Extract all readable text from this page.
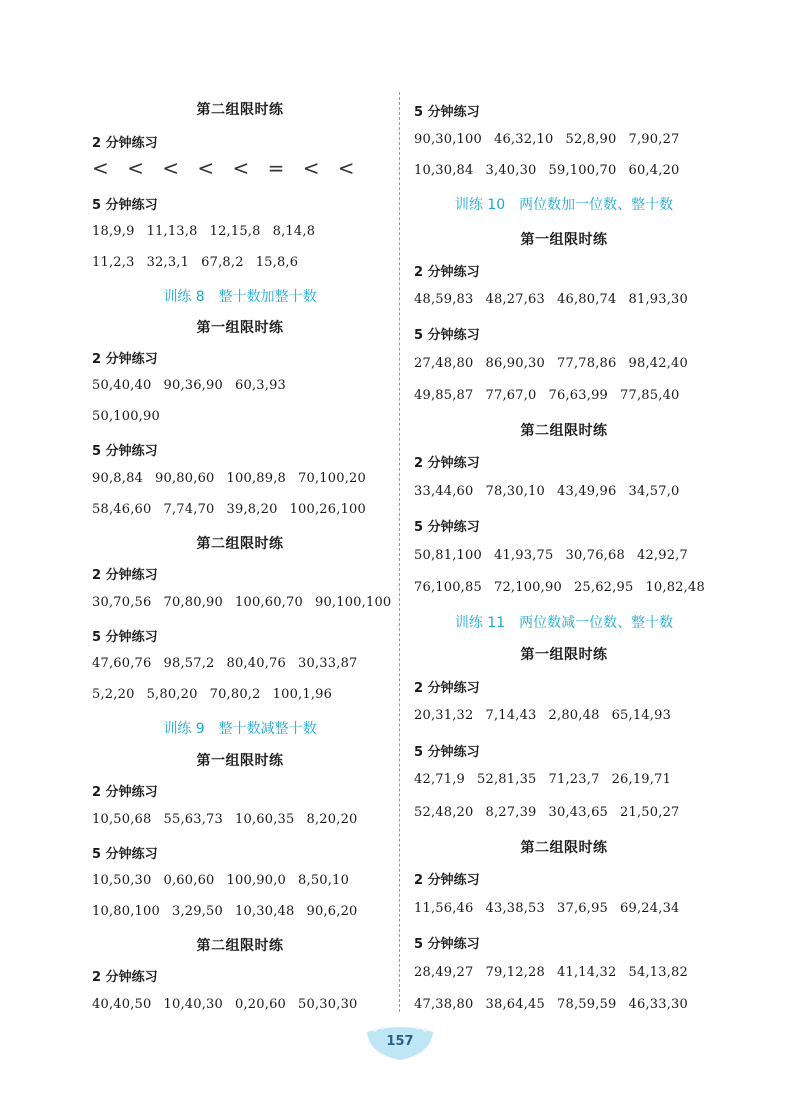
第二组限时练
2 分钟练习
< < < < < = < <
5 分钟练习
18,9,9 11,13,8 12,15,8 8,14,8
11,2,3 32,3,1 67,8,2 15,8,6
训练 8 整十数加整十数
第一组限时练
2 分钟练习
50,40,40 90,36,90 60,3,93
50,100,90
5 分钟练习
90,8,84 90,80,60 100,89,8 70,100,20
58,46,60 7,74,70 39,8,20 100,26,100
第二组限时练
2 分钟练习
30,70,56 70,80,90 100,60,70 90,100,100
5 分钟练习
47,60,76 98,57,2 80,40,76 30,33,87
5,2,20 5,80,20 70,80,2 100,1,96
训练 9 整十数减整十数
第一组限时练
2 分钟练习
10,50,68 55,63,73 10,60,35 8,20,20
5 分钟练习
10,50,30 0,60,60 100,90,0 8,50,10
10,80,100 3,29,50 10,30,48 90,6,20
第二组限时练
2 分钟练习
40,40,50 10,40,30 0,20,60 50,30,30
5 分钟练习
90,30,100 46,32,10 52,8,90 7,90,27
10,30,84 3,40,30 59,100,70 60,4,20
训练 10 两位数加一位数、整十数
第一组限时练
2 分钟练习
48,59,83 48,27,63 46,80,74 81,93,30
5 分钟练习
27,48,80 86,90,30 77,78,86 98,42,40
49,85,87 77,67,0 76,63,99 77,85,40
第二组限时练
2 分钟练习
33,44,60 78,30,10 43,49,96 34,57,0
5 分钟练习
50,81,100 41,93,75 30,76,68 42,92,7
76,100,85 72,100,90 25,62,95 10,82,48
训练 11 两位数减一位数、整十数
第一组限时练
2 分钟练习
20,31,32 7,14,43 2,80,48 65,14,93
5 分钟练习
42,71,9 52,81,35 71,23,7 26,19,71
52,48,20 8,27,39 30,43,65 21,50,27
第二组限时练
2 分钟练习
11,56,46 43,38,53 37,6,95 69,24,34
5 分钟练习
28,49,27 79,12,28 41,14,32 54,13,82
47,38,80 38,64,45 78,59,59 46,33,30
157
